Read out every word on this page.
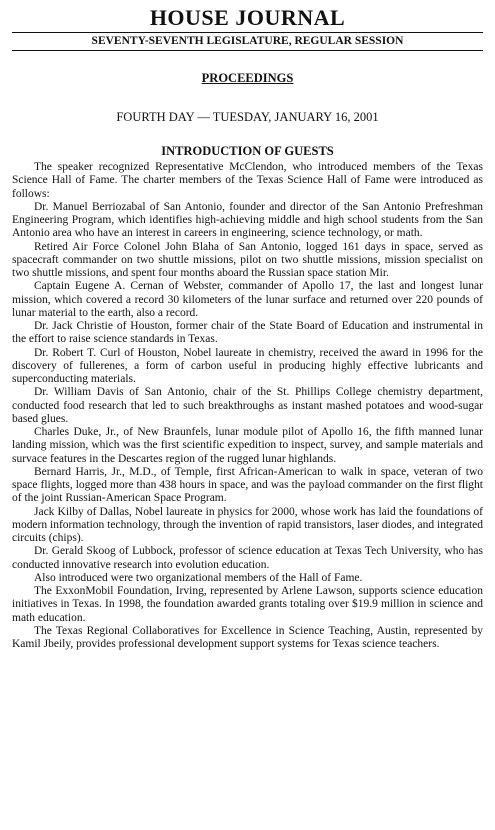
HOUSE JOURNAL
SEVENTY-SEVENTH LEGISLATURE, REGULAR SESSION
PROCEEDINGS
FOURTH DAY — TUESDAY, JANUARY 16, 2001
INTRODUCTION OF GUESTS

The speaker recognized Representative McClendon, who introduced members of the Texas Science Hall of Fame. The charter members of the Texas Science Hall of Fame were introduced as follows:

Dr. Manuel Berriozabal of San Antonio, founder and director of the San Antonio Prefreshman Engineering Program, which identifies high-achieving middle and high school students from the San Antonio area who have an interest in careers in engineering, science technology, or math.

Retired Air Force Colonel John Blaha of San Antonio, logged 161 days in space, served as spacecraft commander on two shuttle missions, pilot on two shuttle missions, mission specialist on two shuttle missions, and spent four months aboard the Russian space station Mir.

Captain Eugene A. Cernan of Webster, commander of Apollo 17, the last and longest lunar mission, which covered a record 30 kilometers of the lunar surface and returned over 220 pounds of lunar material to the earth, also a record.

Dr. Jack Christie of Houston, former chair of the State Board of Education and instrumental in the effort to raise science standards in Texas.

Dr. Robert T. Curl of Houston, Nobel laureate in chemistry, received the award in 1996 for the discovery of fullerenes, a form of carbon useful in producing highly effective lubricants and superconducting materials.

Dr. William Davis of San Antonio, chair of the St. Phillips College chemistry department, conducted food research that led to such breakthroughs as instant mashed potatoes and wood-sugar based glues.

Charles Duke, Jr., of New Braunfels, lunar module pilot of Apollo 16, the fifth manned lunar landing mission, which was the first scientific expedition to inspect, survey, and sample materials and survace features in the Descartes region of the rugged lunar highlands.

Bernard Harris, Jr., M.D., of Temple, first African-American to walk in space, veteran of two space flights, logged more than 438 hours in space, and was the payload commander on the first flight of the joint Russian-American Space Program.

Jack Kilby of Dallas, Nobel laureate in physics for 2000, whose work has laid the foundations of modern information technology, through the invention of rapid transistors, laser diodes, and integrated circuits (chips).

Dr. Gerald Skoog of Lubbock, professor of science education at Texas Tech University, who has conducted innovative research into evolution education.

Also introduced were two organizational members of the Hall of Fame.

The ExxonMobil Foundation, Irving, represented by Arlene Lawson, supports science education initiatives in Texas. In 1998, the foundation awarded grants totaling over $19.9 million in science and math education.

The Texas Regional Collaboratives for Excellence in Science Teaching, Austin, represented by Kamil Jbeily, provides professional development support systems for Texas science teachers.
